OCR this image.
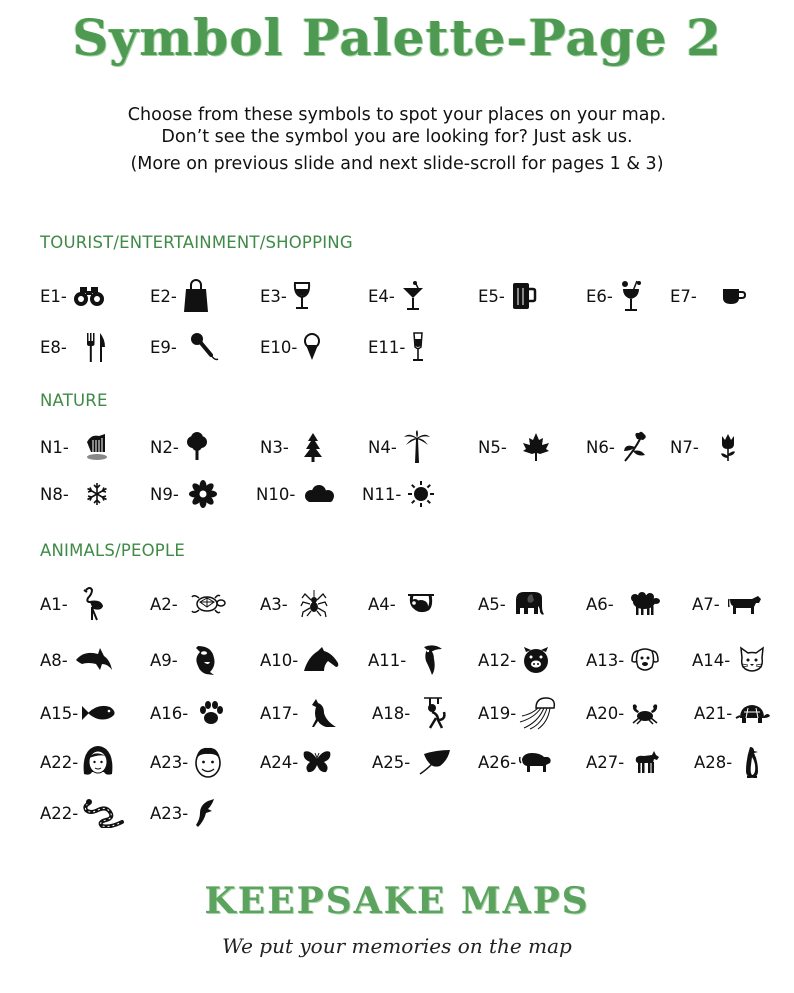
Symbol Palette-Page 2
Choose from these symbols to spot your places on your map.
Don’t see the symbol you are looking for? Just ask us.
(More on previous slide and next slide-scroll for pages 1 & 3)
TOURIST/ENTERTAINMENT/SHOPPING
NATURE
ANIMALS/PEOPLE
E1-	E2-	E3-	E4-	E5-	E6-	E7-
E8-	E9-	E10-	E11-
N1-	N2-	N3-	N4-	N5-	N6-	N7-
N8-	N9-	N10-	N11-
A1-	A2-	A3-	A4-	A5-	A6-	A7-
A8-	A9-	A10-	A11-	A12-	A13-	A14-
A15-	A16-	A17-	A18-	A19-	A20-	A21-
A22-	A23-	A24-	A25-	A26-	A27-	A28-
A22-	A23-
KEEPSAKE MAPS
We put your memories on the map
